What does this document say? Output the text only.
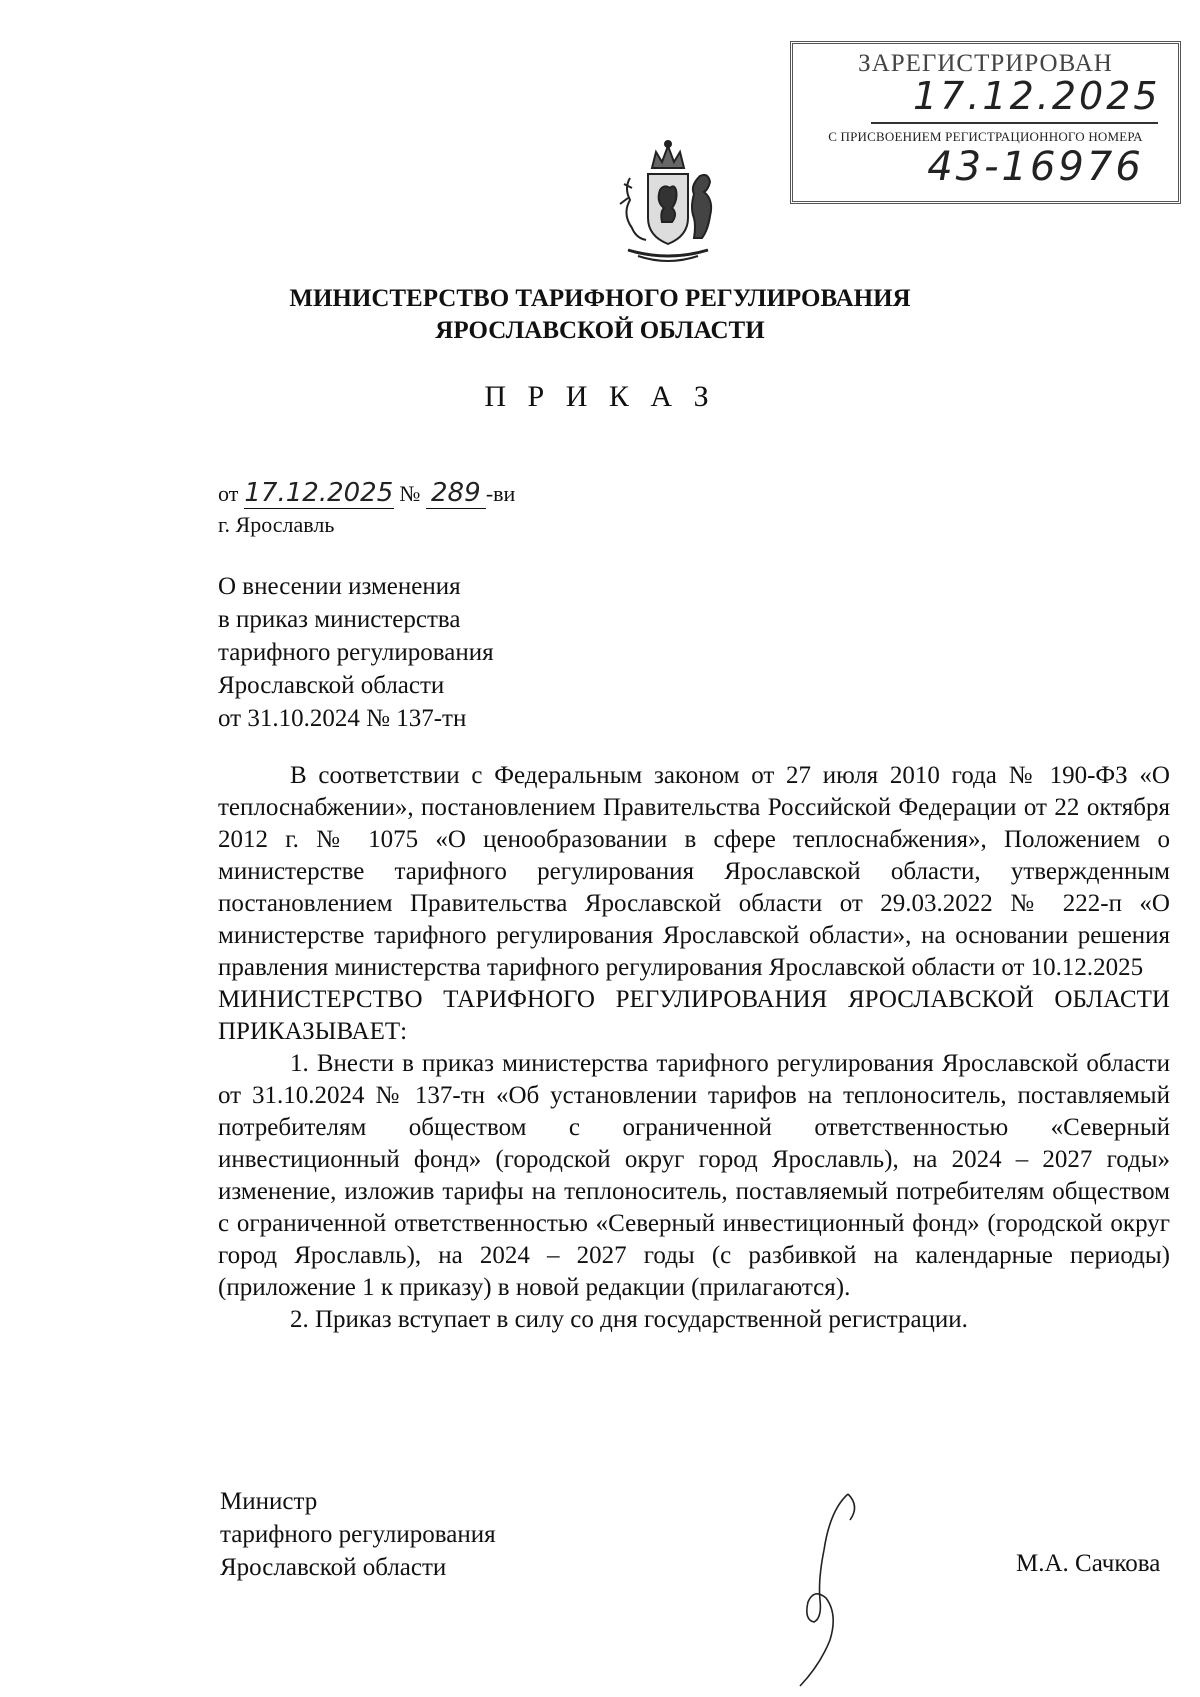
ЗАРЕГИСТРИРОВАН
17.12.2025
С ПРИСВОЕНИЕМ РЕГИСТРАЦИОННОГО НОМЕРА
43-16976
МИНИСТЕРСТВО ТАРИФНОГО РЕГУЛИРОВАНИЯ
ЯРОСЛАВСКОЙ ОБЛАСТИ
П Р И К А З
от 17.12.2025 № 289 -ви
г. Ярославль
О внесении изменения
в приказ министерства
тарифного регулирования
Ярославской области
от 31.10.2024 № 137-тн

В соответствии с Федеральным законом от 27 июля 2010 года № 190-ФЗ «О теплоснабжении», постановлением Правительства Российской Федерации от 22 октября 2012 г. № 1075 «О ценообразовании в сфере теплоснабжения», Положением о министерстве тарифного регулирования Ярославской области, утвержденным постановлением Правительства Ярославской области от 29.03.2022 № 222-п «О министерстве тарифного регулирования Ярославской области», на основании решения правления министерства тарифного регулирования Ярославской области от 10.12.2025

МИНИСТЕРСТВО ТАРИФНОГО РЕГУЛИРОВАНИЯ ЯРОСЛАВСКОЙ ОБЛАСТИ ПРИКАЗЫВАЕТ:

1. Внести в приказ министерства тарифного регулирования Ярославской области от 31.10.2024 № 137-тн «Об установлении тарифов на теплоноситель, поставляемый потребителям обществом с ограниченной ответственностью «Северный инвестиционный фонд» (городской округ город Ярославль), на 2024 – 2027 годы» изменение, изложив тарифы на теплоноситель, поставляемый потребителям обществом с ограниченной ответственностью «Северный инвестиционный фонд» (городской округ город Ярославль), на 2024 – 2027 годы (с разбивкой на календарные периоды) (приложение 1 к приказу) в новой редакции (прилагаются).

2. Приказ вступает в силу со дня государственной регистрации.

Министр
тарифного регулирования
Ярославской области	М.А. Сачкова
